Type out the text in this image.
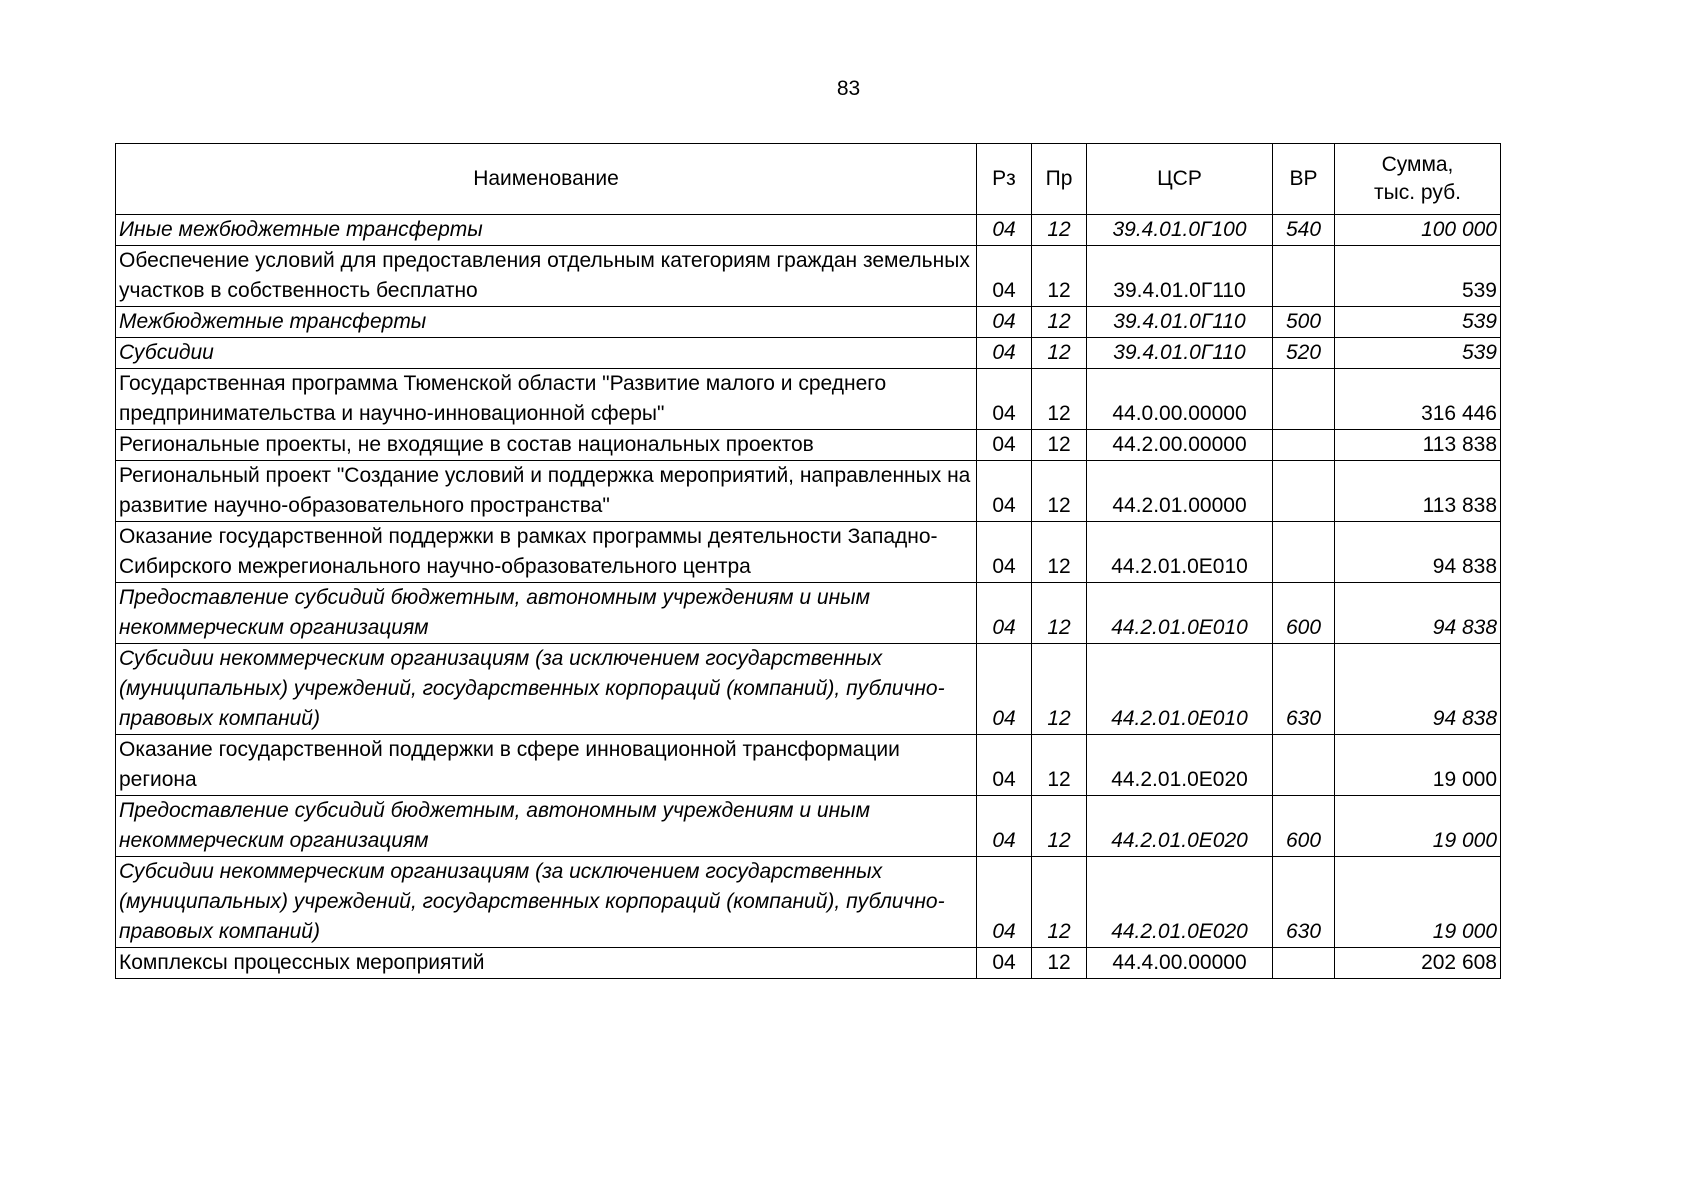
83
Наименование	Рз	Пр	ЦСР	ВР	Сумма,
тыс. руб.
Иные межбюджетные трансферты	04	12	39.4.01.0Г100	540	100 000
Обеспечение условий для предоставления отдельным категориям граждан земельных участков в собственность бесплатно	04	12	39.4.01.0Г110		539
Межбюджетные трансферты	04	12	39.4.01.0Г110	500	539
Субсидии	04	12	39.4.01.0Г110	520	539
Государственная программа Тюменской области "Развитие малого и среднего предпринимательства и научно-инновационной сферы"	04	12	44.0.00.00000		316 446
Региональные проекты, не входящие в состав национальных проектов	04	12	44.2.00.00000		113 838
Региональный проект "Создание условий и поддержка мероприятий, направленных на развитие научно-образовательного пространства"	04	12	44.2.01.00000		113 838
Оказание государственной поддержки в рамках программы деятельности Западно-Сибирского межрегионального научно-образовательного центра	04	12	44.2.01.0Е010		94 838
Предоставление субсидий бюджетным, автономным учреждениям и иным некоммерческим организациям	04	12	44.2.01.0Е010	600	94 838
Субсидии некоммерческим организациям (за исключением государственных (муниципальных) учреждений, государственных корпораций (компаний), публично-правовых компаний)	04	12	44.2.01.0Е010	630	94 838
Оказание государственной поддержки в сфере инновационной трансформации региона	04	12	44.2.01.0Е020		19 000
Предоставление субсидий бюджетным, автономным учреждениям и иным некоммерческим организациям	04	12	44.2.01.0Е020	600	19 000
Субсидии некоммерческим организациям (за исключением государственных (муниципальных) учреждений, государственных корпораций (компаний), публично-правовых компаний)	04	12	44.2.01.0Е020	630	19 000
Комплексы процессных мероприятий	04	12	44.4.00.00000		202 608
